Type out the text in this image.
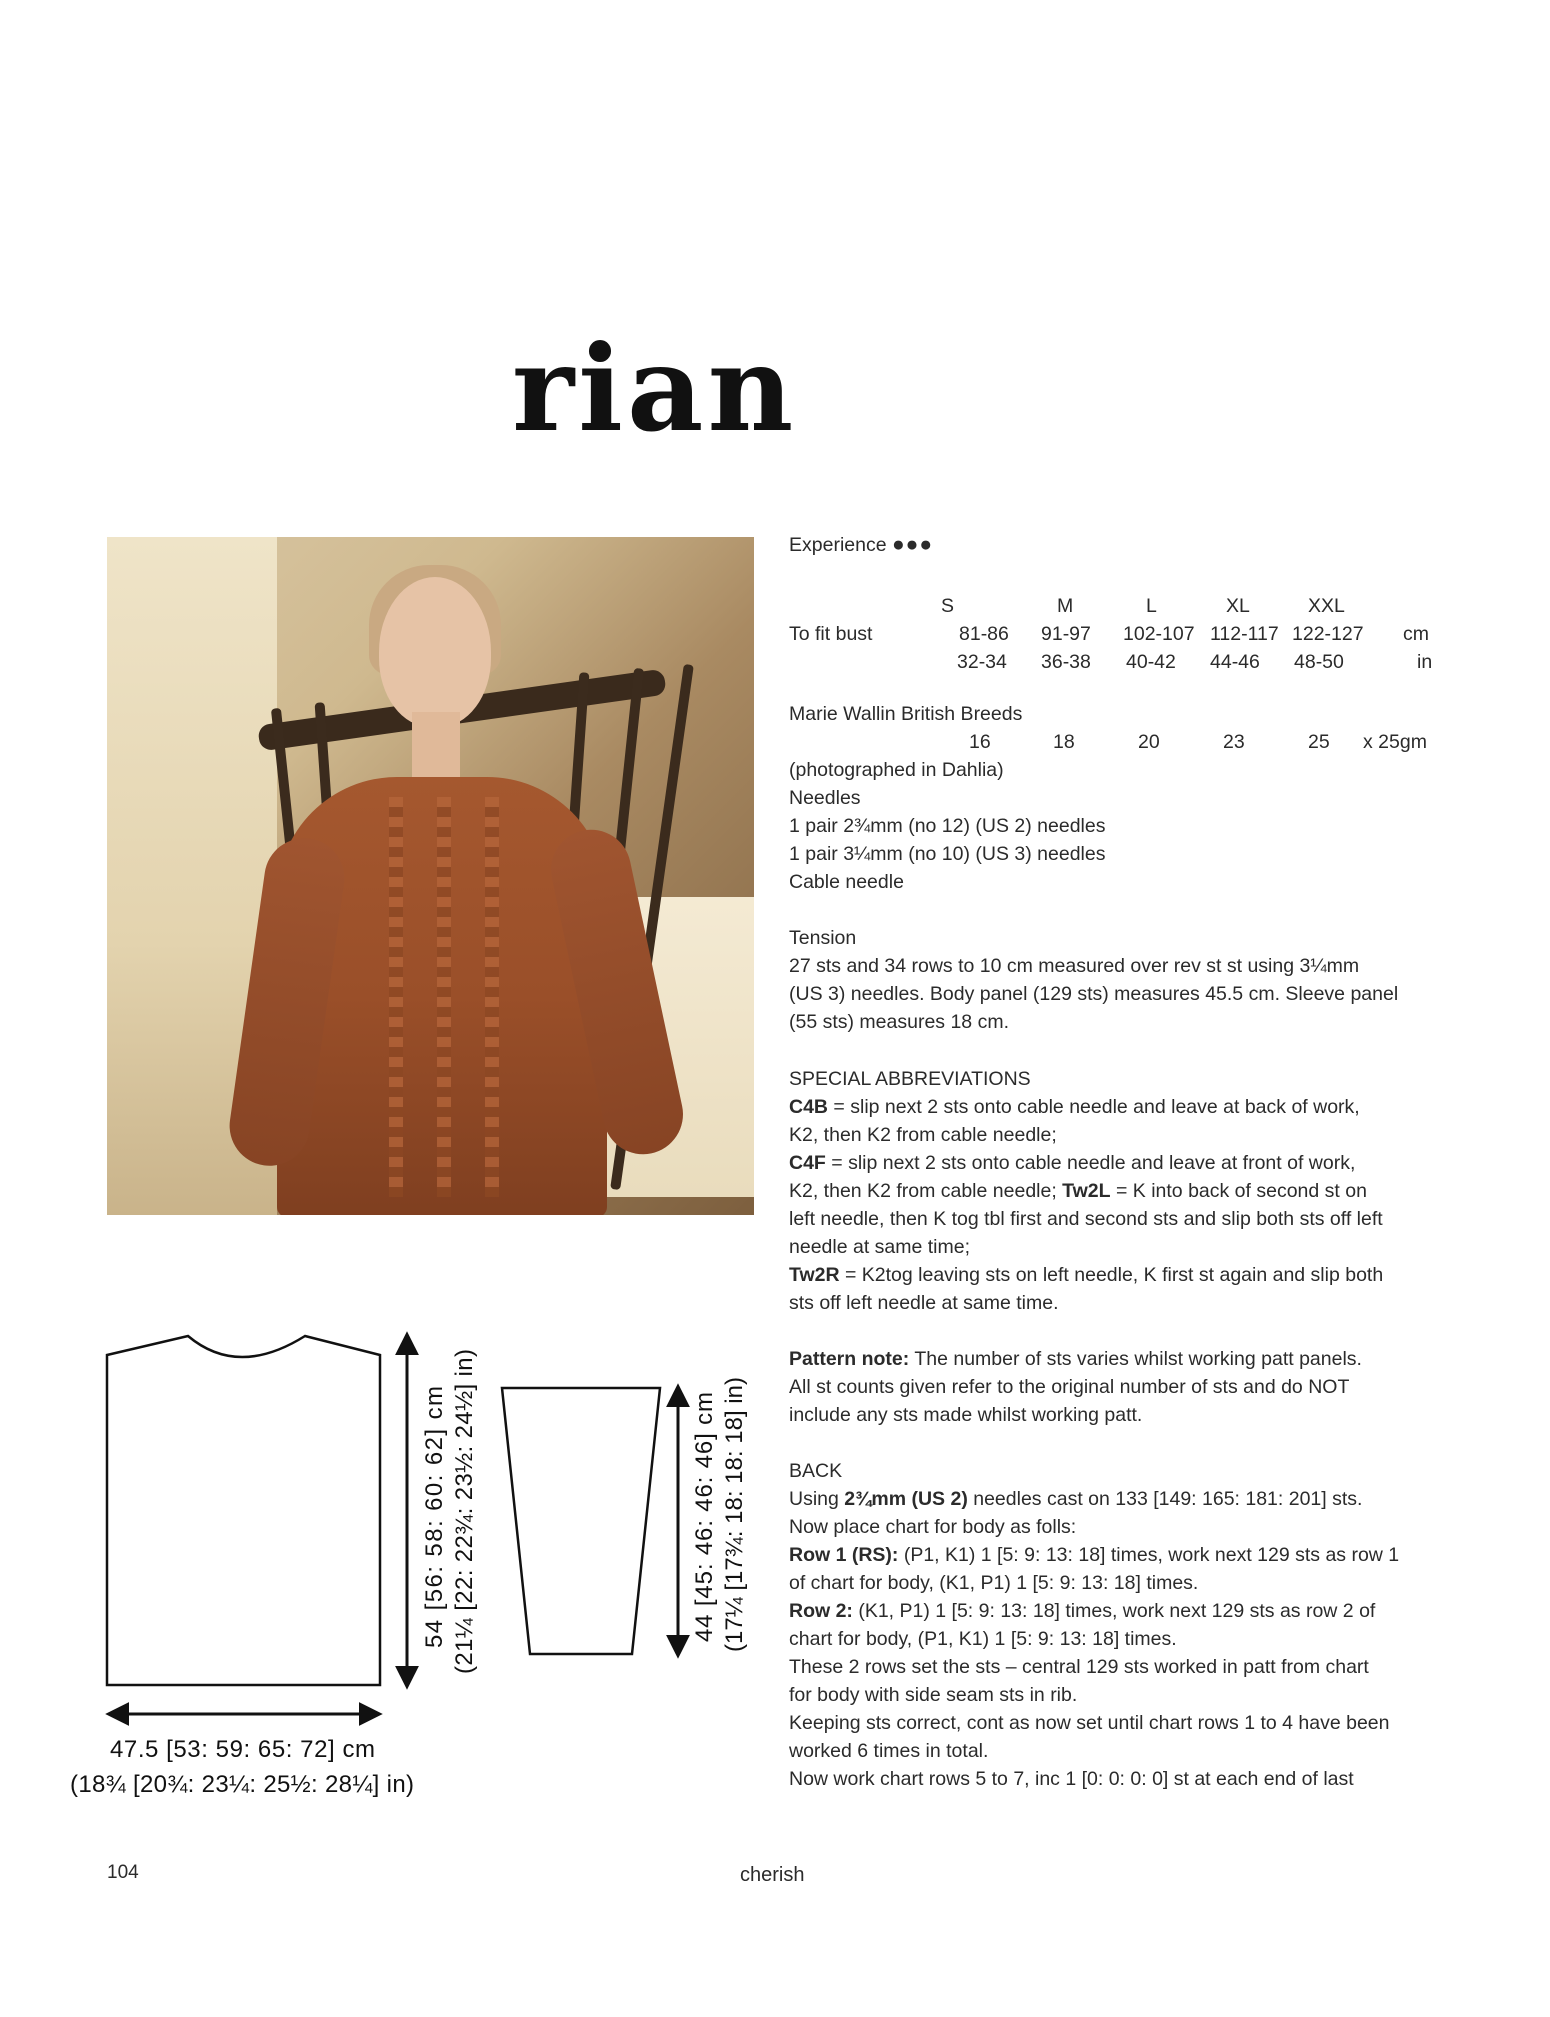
rian
Experience ●●●
S	M	L	XL	XXL
To fit bust	81-86 91-97 102-107 112-117 122-127 cm
32-34 36-38 40-42 44-46 48-50	in
Marie Wallin British Breeds
16	18	20	23	25 x 25gm
(photographed in Dahlia)
Needles
1 pair 2¾mm (no 12) (US 2) needles
1 pair 3¼mm (no 10) (US 3) needles
Cable needle
Tension
27 sts and 34 rows to 10 cm measured over rev st st using 3¼mm
(US 3) needles. Body panel (129 sts) measures 45.5 cm. Sleeve panel
(55 sts) measures 18 cm.
SPECIAL ABBREVIATIONS
C4B = slip next 2 sts onto cable needle and leave at back of work,
K2, then K2 from cable needle;
C4F = slip next 2 sts onto cable needle and leave at front of work,
K2, then K2 from cable needle; Tw2L = K into back of second st on
left needle, then K tog tbl first and second sts and slip both sts off left
needle at same time;
Tw2R = K2tog leaving sts on left needle, K first st again and slip both
sts off left needle at same time.
Pattern note: The number of sts varies whilst working patt panels.
All st counts given refer to the original number of sts and do NOT
include any sts made whilst working patt.
BACK
Using 2¾mm (US 2) needles cast on 133 [149: 165: 181: 201] sts.
Now place chart for body as folls:
Row 1 (RS): (P1, K1) 1 [5: 9: 13: 18] times, work next 129 sts as row 1
of chart for body, (K1, P1) 1 [5: 9: 13: 18] times.
Row 2: (K1, P1) 1 [5: 9: 13: 18] times, work next 129 sts as row 2 of
chart for body, (P1, K1) 1 [5: 9: 13: 18] times.
These 2 rows set the sts – central 129 sts worked in patt from chart
for body with side seam sts in rib.
Keeping sts correct, cont as now set until chart rows 1 to 4 have been
worked 6 times in total.
Now work chart rows 5 to 7, inc 1 [0: 0: 0: 0] st at each end of last
47.5 [53: 59: 65: 72] cm
(18¾ [20¾: 23¼: 25½: 28¼] in)
54 [56: 58: 60: 62] cm
(21¼ [22: 22¾: 23½: 24½] in)
44 [45: 46: 46: 46] cm
(17¼ [17¾: 18: 18: 18] in)
104	cherish
